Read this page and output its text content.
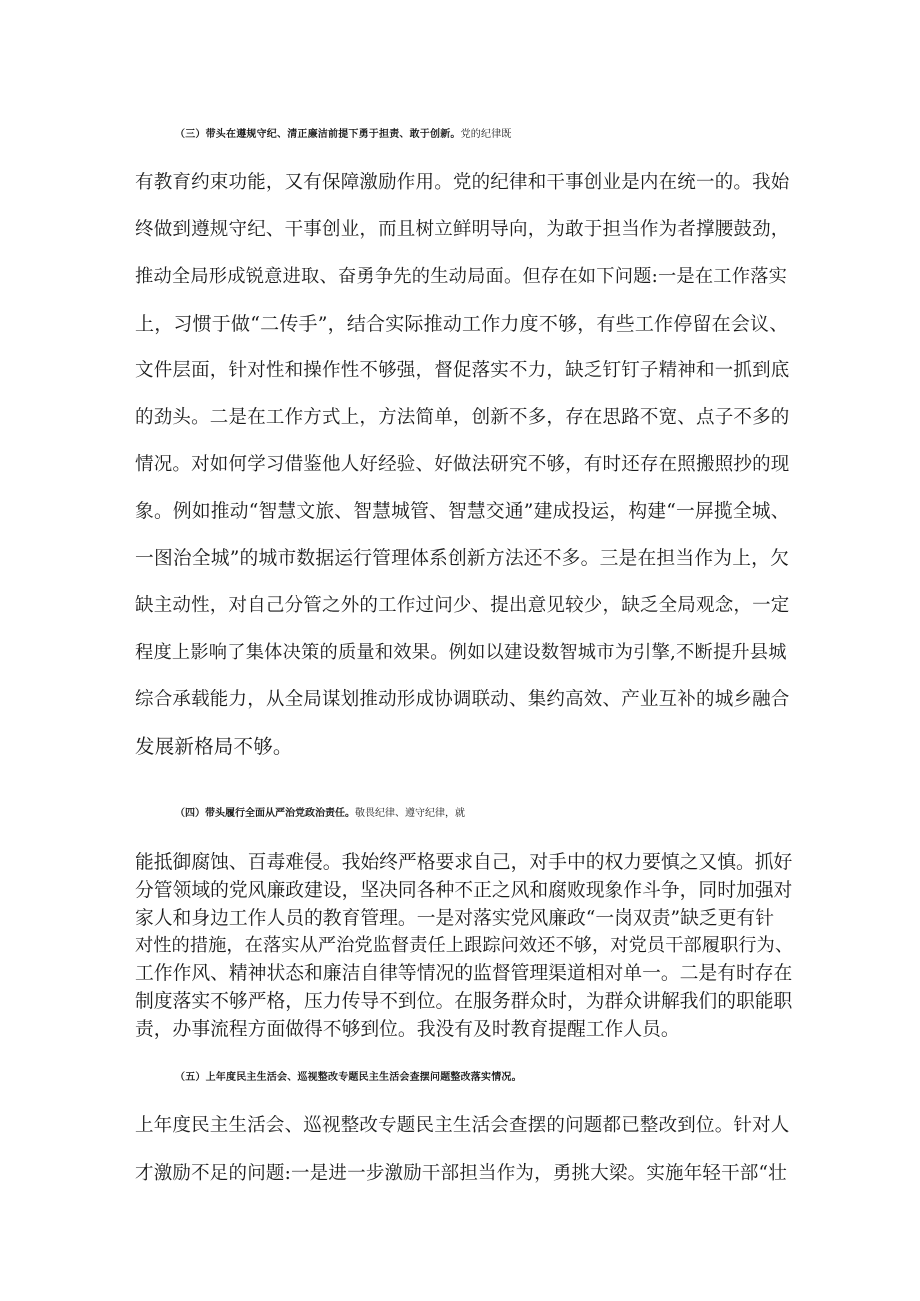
（三）带头在遵规守纪、清正廉洁前提下勇于担责、敢于创新。党的纪律既

有教育约束功能，又有保障激励作用。党的纪律和干事创业是内在统一的。我始

终做到遵规守纪、干事创业，而且树立鲜明导向，为敢于担当作为者撑腰鼓劲，

推动全局形成锐意进取、奋勇争先的生动局面。但存在如下问题:一是在工作落实

上，习惯于做“二传手”，结合实际推动工作力度不够，有些工作停留在会议、

文件层面，针对性和操作性不够强，督促落实不力，缺乏钉钉子精神和一抓到底

的劲头。二是在工作方式上，方法简单，创新不多，存在思路不宽、点子不多的

情况。对如何学习借鉴他人好经验、好做法研究不够，有时还存在照搬照抄的现

象。例如推动“智慧文旅、智慧城管、智慧交通”建成投运，构建“一屏揽全城、

一图治全城”的城市数据运行管理体系创新方法还不多。三是在担当作为上，欠

缺主动性，对自己分管之外的工作过问少、提出意见较少，缺乏全局观念，一定

程度上影响了集体决策的质量和效果。例如以建设数智城市为引擎,不断提升县城

综合承载能力，从全局谋划推动形成协调联动、集约高效、产业互补的城乡融合

发展新格局不够。

（四）带头履行全面从严治党政治责任。敬畏纪律、遵守纪律，就

能抵御腐蚀、百毒难侵。我始终严格要求自己，对手中的权力要慎之又慎。抓好

分管领域的党风廉政建设，坚决同各种不正之风和腐败现象作斗争，同时加强对

家人和身边工作人员的教育管理。一是对落实党风廉政“一岗双责”缺乏更有针

对性的措施，在落实从严治党监督责任上跟踪问效还不够，对党员干部履职行为、

工作作风、精神状态和廉洁自律等情况的监督管理渠道相对单一。二是有时存在

制度落实不够严格，压力传导不到位。在服务群众时，为群众讲解我们的职能职

责，办事流程方面做得不够到位。我没有及时教育提醒工作人员。

（五）上年度民主生活会、巡视整改专题民主生活会查摆问题整改落实情况。

上年度民主生活会、巡视整改专题民主生活会查摆的问题都已整改到位。针对人

才激励不足的问题:一是进一步激励干部担当作为，勇挑大梁。实施年轻干部“壮
